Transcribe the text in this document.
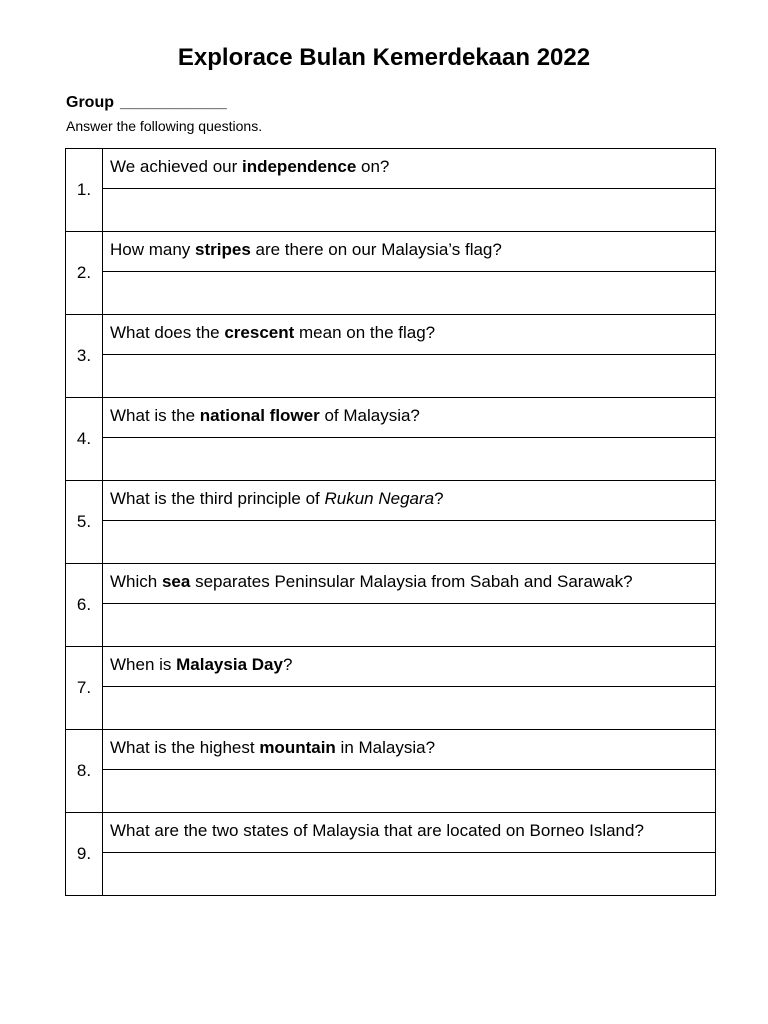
Explorace Bulan Kemerdekaan 2022
Group ____________
Answer the following questions.
1.	We achieved our independence on?

2.	How many stripes are there on our Malaysia’s flag?

3.	What does the crescent mean on the flag?

4.	What is the national flower of Malaysia?

5.	What is the third principle of Rukun Negara?

6.	Which sea separates Peninsular Malaysia from Sabah and Sarawak?

7.	When is Malaysia Day?

8.	What is the highest mountain in Malaysia?

9.	What are the two states of Malaysia that are located on Borneo Island?
